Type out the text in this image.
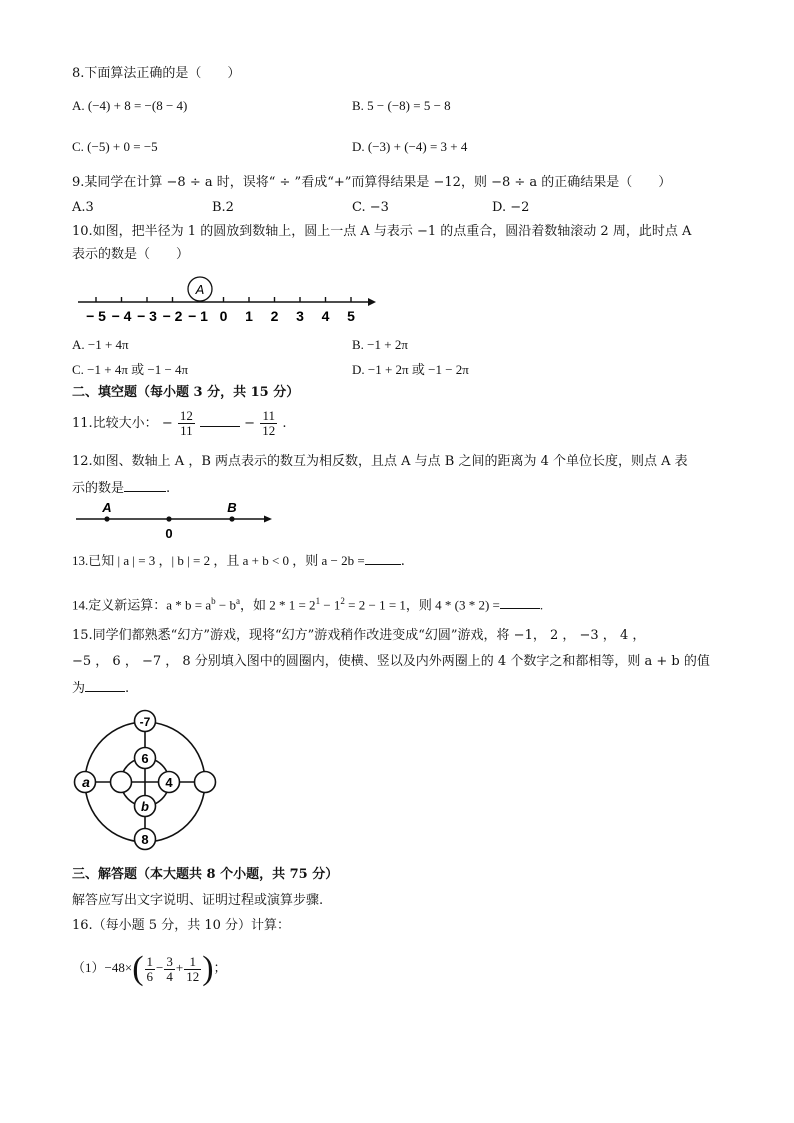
8.下面算法正确的是（　　）
A. (−4) + 8 = −(8 − 4)	B. 5 − (−8) = 5 − 8
C. (−5) + 0 = −5	D. (−3) + (−4) = 3 + 4
9.某同学在计算 −8 ÷ a 时，误将“ ÷ ”看成“+”而算得结果是 −12，则 −8 ÷ a 的正确结果是（　　）
A.3	B.2	C. −3	D. −2
10.如图，把半径为 1 的圆放到数轴上，圆上一点 A 与表示 −1 的点重合，圆沿着数轴滚动 2 周，此时点 A
表示的数是（　　）
− 5 − 4 − 3 − 2 − 1 0 1 2 3 4 5
A
A. −1 + 4π	B. −1 + 2π
C. −1 + 4π 或 −1 − 4π	D. −1 + 2π 或 −1 − 2π
二、填空题（每小题 3 分，共 15 分）
11.比较大小： − $\frac{12}{11}$	− $\frac{11}{12}$ .
12.如图、数轴上 A ，B 两点表示的数互为相反数，且点 A 与点 B 之间的距离为 4 个单位长度，则点 A 表
示的数是	.
A	B
0
13.已知 | a | = 3 ，| b | = 2 ，且 a + b < 0 ，则 a − 2b =	.
14.定义新运算：$a * b = a^b - b^a$，如 $2 * 1 = 2^1 - 1^2 = 2 - 1 = 1$，则 4 * (3 * 2) =	.
15.同学们都熟悉“幻方”游戏，现将“幻方”游戏稍作改进变成“幻圆”游戏，将 −1， 2 ， −3 ， 4 ，
−5 ， 6 ， −7 ， 8 分别填入图中的圆圈内，使横、竖以及内外两圈上的 4 个数字之和都相等，则 a + b 的值
为	.
-7
6
4
a
b
8
三、解答题（本大题共 8 个小题，共 75 分）
解答应写出文字说明、证明过程或演算步骤.
16.（每小题 5 分，共 10 分）计算：
$(1)-48\times( \frac{1}{6} - \frac{3}{4} + \frac{1}{12}$ )；
